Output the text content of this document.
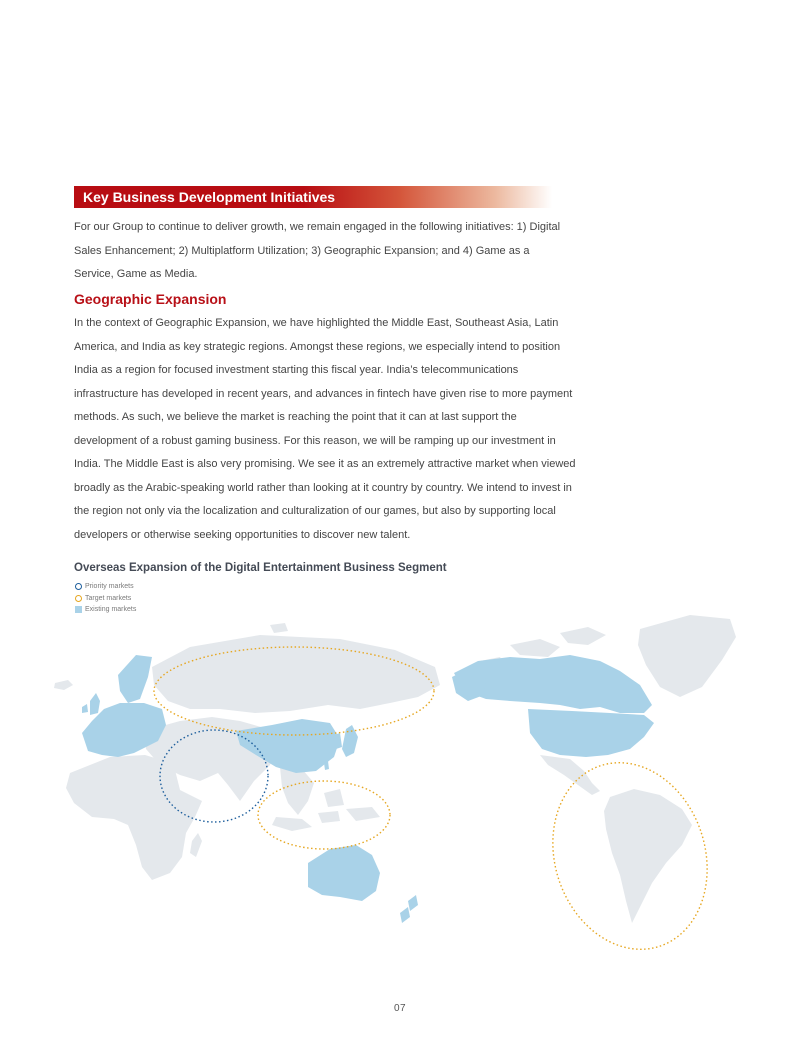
Key Business Development Initiatives

For our Group to continue to deliver growth, we remain engaged in the following initiatives: 1) Digital Sales Enhancement; 2) Multiplatform Utilization; 3) Geographic Expansion; and 4) Game as a Service, Game as Media.

Geographic Expansion

In the context of Geographic Expansion, we have highlighted the Middle East, Southeast Asia, Latin America, and India as key strategic regions. Amongst these regions, we especially intend to position India as a region for focused investment starting this fiscal year. India’s telecommunications infrastructure has developed in recent years, and advances in fintech have given rise to more payment methods. As such, we believe the market is reaching the point that it can at last support the development of a robust gaming business. For this reason, we will be ramping up our investment in India. The Middle East is also very promising. We see it as an extremely attractive market when viewed broadly as the Arabic-speaking world rather than looking at it country by country. We intend to invest in the region not only via the localization and culturalization of our games, but also by supporting local developers or otherwise seeking opportunities to discover new talent.

Overseas Expansion of the Digital Entertainment Business Segment
Priority markets
Target markets
Existing markets
07
